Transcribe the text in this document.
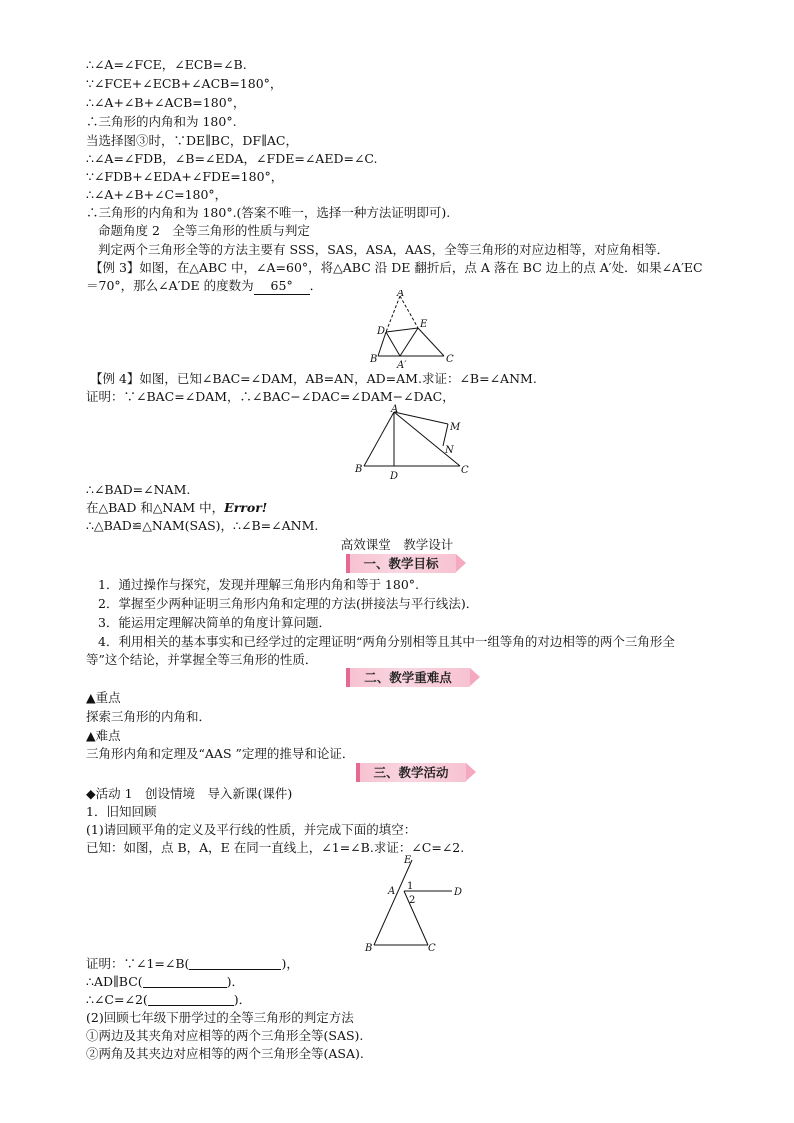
∴∠A=∠FCE，∠ECB=∠B.
∵∠FCE+∠ECB+∠ACB=180°，
∴∠A+∠B+∠ACB=180°，
∴三角形的内角和为 180°.
当选择图③时，∵DE∥BC，DF∥AC，
∴∠A=∠FDB，∠B=∠EDA，∠FDE=∠AED=∠C.
∵∠FDB+∠EDA+∠FDE=180°，
∴∠A+∠B+∠C=180°，
∴三角形的内角和为 180°.(答案不唯一，选择一种方法证明即可).
命题角度 2　全等三角形的性质与判定
判定两个三角形全等的方法主要有 SSS，SAS，ASA，AAS，全等三角形的对应边相等，对应角相等．
【例 3】如图，在△ABC 中，∠A=60°，将△ABC 沿 DE 翻折后，点 A 落在 BC 边上的点 A′处．如果∠A′EC
＝70°，那么∠A′DE 的度数为 65° ．
A
D
E
B	C
A′
【例 4】如图，已知∠BAC=∠DAM，AB=AN，AD=AM.求证：∠B=∠ANM.
证明：∵∠BAC=∠DAM，∴∠BAC−∠DAC=∠DAM−∠DAC，
A
M
N
B
D
C
∴∠BAD=∠NAM.
在△BAD 和△NAM 中，Error!
∴△BAD≌△NAM(SAS)，∴∠B=∠ANM.
高效课堂　教学设计
一、教学目标
1．通过操作与探究，发现并理解三角形内角和等于 180°.
2．掌握至少两种证明三角形内角和定理的方法(拼接法与平行线法)．
3．能运用定理解决简单的角度计算问题．
4．利用相关的基本事实和已经学过的定理证明“两角分别相等且其中一组等角的对边相等的两个三角形全
等”这个结论，并掌握全等三角形的性质．
二、教学重难点
▲重点
探索三角形的内角和．
▲难点
三角形内角和定理及“AAS ”定理的推导和论证．
三、教学活动
◆活动 1　创设情境　导入新课(课件)
1．旧知回顾
(1)请回顾平角的定义及平行线的性质，并完成下面的填空：
已知：如图，点 B，A，E 在同一直线上，∠1=∠B.求证：∠C=∠2.
E
A	D
1
2
B	C
证明：∵∠1=∠B(	)，
∴AD∥BC(	)．
∴∠C=∠2(	)．
(2)回顾七年级下册学过的全等三角形的判定方法
①两边及其夹角对应相等的两个三角形全等(SAS).
②两角及其夹边对应相等的两个三角形全等(ASA).
